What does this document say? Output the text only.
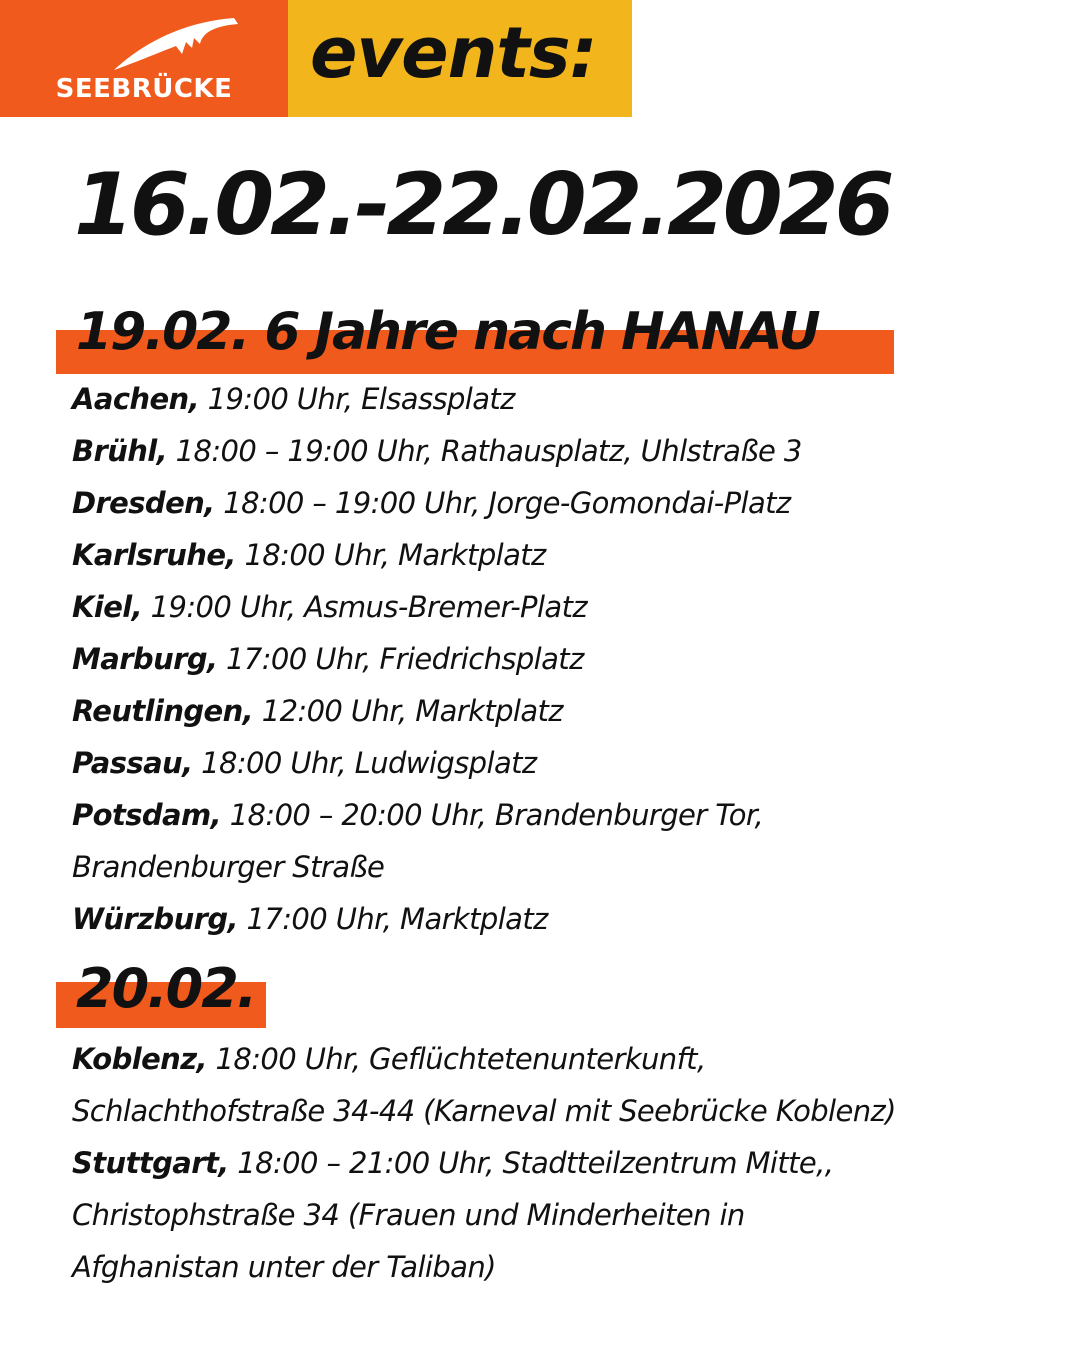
SEEBRÜCKE	events:
16.02.-22.02.2026
19.02. 6 Jahre nach HANAU
Aachen, 19:00 Uhr, Elsassplatz
Brühl, 18:00 – 19:00 Uhr, Rathausplatz, Uhlstraße 3
Dresden, 18:00 – 19:00 Uhr, Jorge-Gomondai-Platz
Karlsruhe, 18:00 Uhr, Marktplatz
Kiel, 19:00 Uhr, Asmus-Bremer-Platz
Marburg, 17:00 Uhr, Friedrichsplatz
Reutlingen, 12:00 Uhr, Marktplatz
Passau, 18:00 Uhr, Ludwigsplatz
Potsdam, 18:00 – 20:00 Uhr, Brandenburger Tor,
Brandenburger Straße
Würzburg, 17:00 Uhr, Marktplatz
20.02.
Koblenz, 18:00 Uhr, Geflüchtetenunterkunft,
Schlachthofstraße 34-44 (Karneval mit Seebrücke Koblenz)
Stuttgart, 18:00 – 21:00 Uhr, Stadtteilzentrum Mitte,,
Christophstraße 34 (Frauen und Minderheiten in
Afghanistan unter der Taliban)
